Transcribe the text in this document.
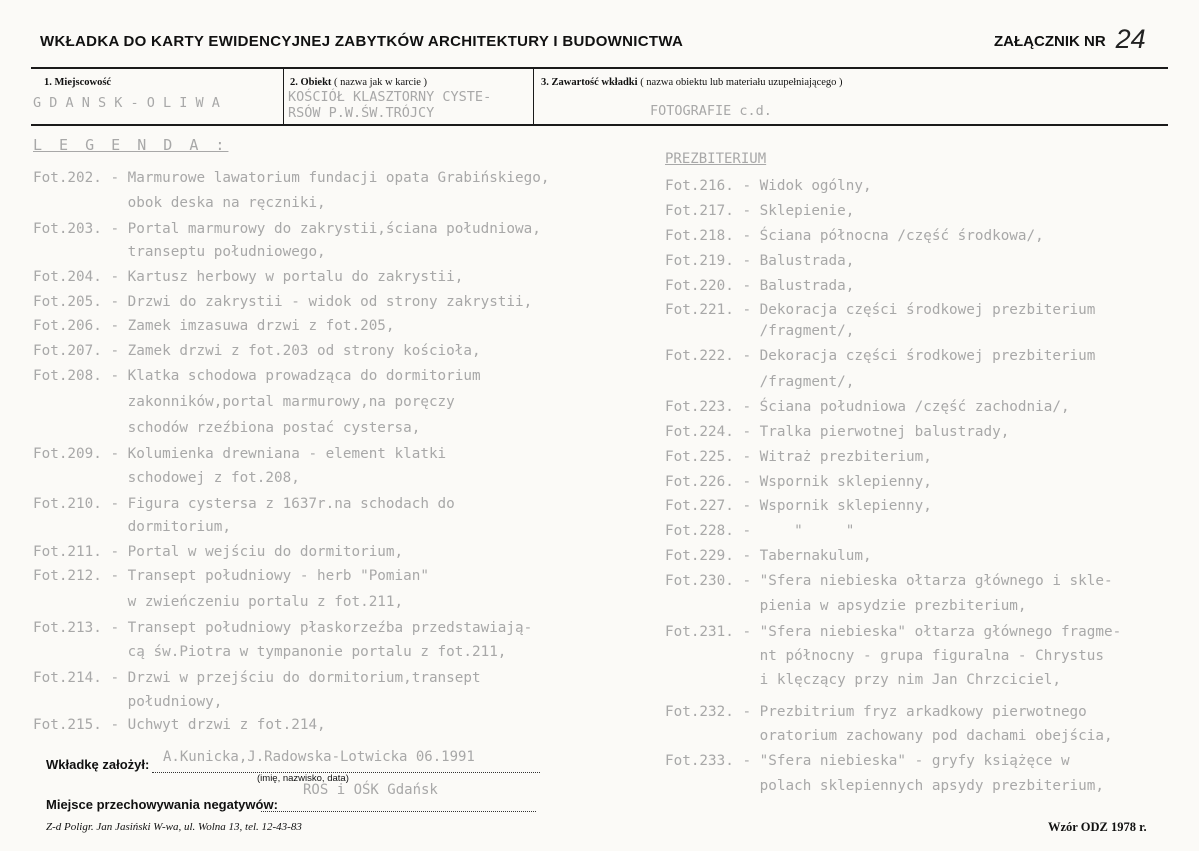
WKŁADKA DO KARTY EWIDENCYJNEJ ZABYTKÓW ARCHITEKTURY I BUDOWNICTWA	ZAŁĄCZNIK NR 24
1. Miejscowość
G D A N S K - O L I W A
2. Obiekt ( nazwa jak w karcie )
KOŚCIÓŁ KLASZTORNY CYSTE-
RSÓW P.W.ŚW.TRÓJCY
3. Zawartość wkładki ( nazwa obiektu lub materiału uzupełniającego )
FOTOGRAFIE c.d.
L E G E N D A :
Fot.202. - Marmurowe lawatorium fundacji opata Grabińskiego,
obok deska na ręczniki,
Fot.203. - Portal marmurowy do zakrystii,ściana południowa,
transeptu południowego,
Fot.204. - Kartusz herbowy w portalu do zakrystii,
Fot.205. - Drzwi do zakrystii - widok od strony zakrystii,
Fot.206. - Zamek imzasuwa drzwi z fot.205,
Fot.207. - Zamek drzwi z fot.203 od strony kościoła,
Fot.208. - Klatka schodowa prowadząca do dormitorium
zakonników,portal marmurowy,na poręczy
schodów rzeźbiona postać cystersa,
Fot.209. - Kolumienka drewniana - element klatki
schodowej z fot.208,
Fot.210. - Figura cystersa z 1637r.na schodach do
dormitorium,
Fot.211. - Portal w wejściu do dormitorium,
Fot.212. - Transept południowy - herb "Pomian"
w zwieńczeniu portalu z fot.211,
Fot.213. - Transept południowy płaskorzeźba przedstawiają-
cą św.Piotra w tympanonie portalu z fot.211,
Fot.214. - Drzwi w przejściu do dormitorium,transept
południowy,
Fot.215. - Uchwyt drzwi z fot.214,
PREZBITERIUM
Fot.216. - Widok ogólny,
Fot.217. - Sklepienie,
Fot.218. - Ściana północna /część środkowa/,
Fot.219. - Balustrada,
Fot.220. - Balustrada,
Fot.221. - Dekoracja części środkowej prezbiterium
/fragment/,
Fot.222. - Dekoracja części środkowej prezbiterium
/fragment/,
Fot.223. - Ściana południowa /część zachodnia/,
Fot.224. - Tralka pierwotnej balustrady,
Fot.225. - Witraż prezbiterium,
Fot.226. - Wspornik sklepienny,
Fot.227. - Wspornik sklepienny,
Fot.228. -     "     "
Fot.229. - Tabernakulum,
Fot.230. - "Sfera niebieska ołtarza głównego i skle-
pienia w apsydzie prezbiterium,
Fot.231. - "Sfera niebieska" ołtarza głównego fragme-
nt północny - grupa figuralna - Chrystus
i klęczący przy nim Jan Chrzciciel,
Fot.232. - Prezbitrium fryz arkadkowy pierwotnego
oratorium zachowany pod dachami obejścia,
Fot.233. - "Sfera niebieska" - gryfy książęce w
polach sklepiennych apsydy prezbiterium,
Wkładkę założył: A.Kunicka,J.Radowska-Lotwicka 06.1991
(imię, nazwisko, data)
Miejsce przechowywania negatywów:
ROS i OŚK Gdańsk
Z-d Poligr. Jan Jasiński W-wa, ul. Wolna 13, tel. 12-43-83	Wzór ODZ 1978 r.
